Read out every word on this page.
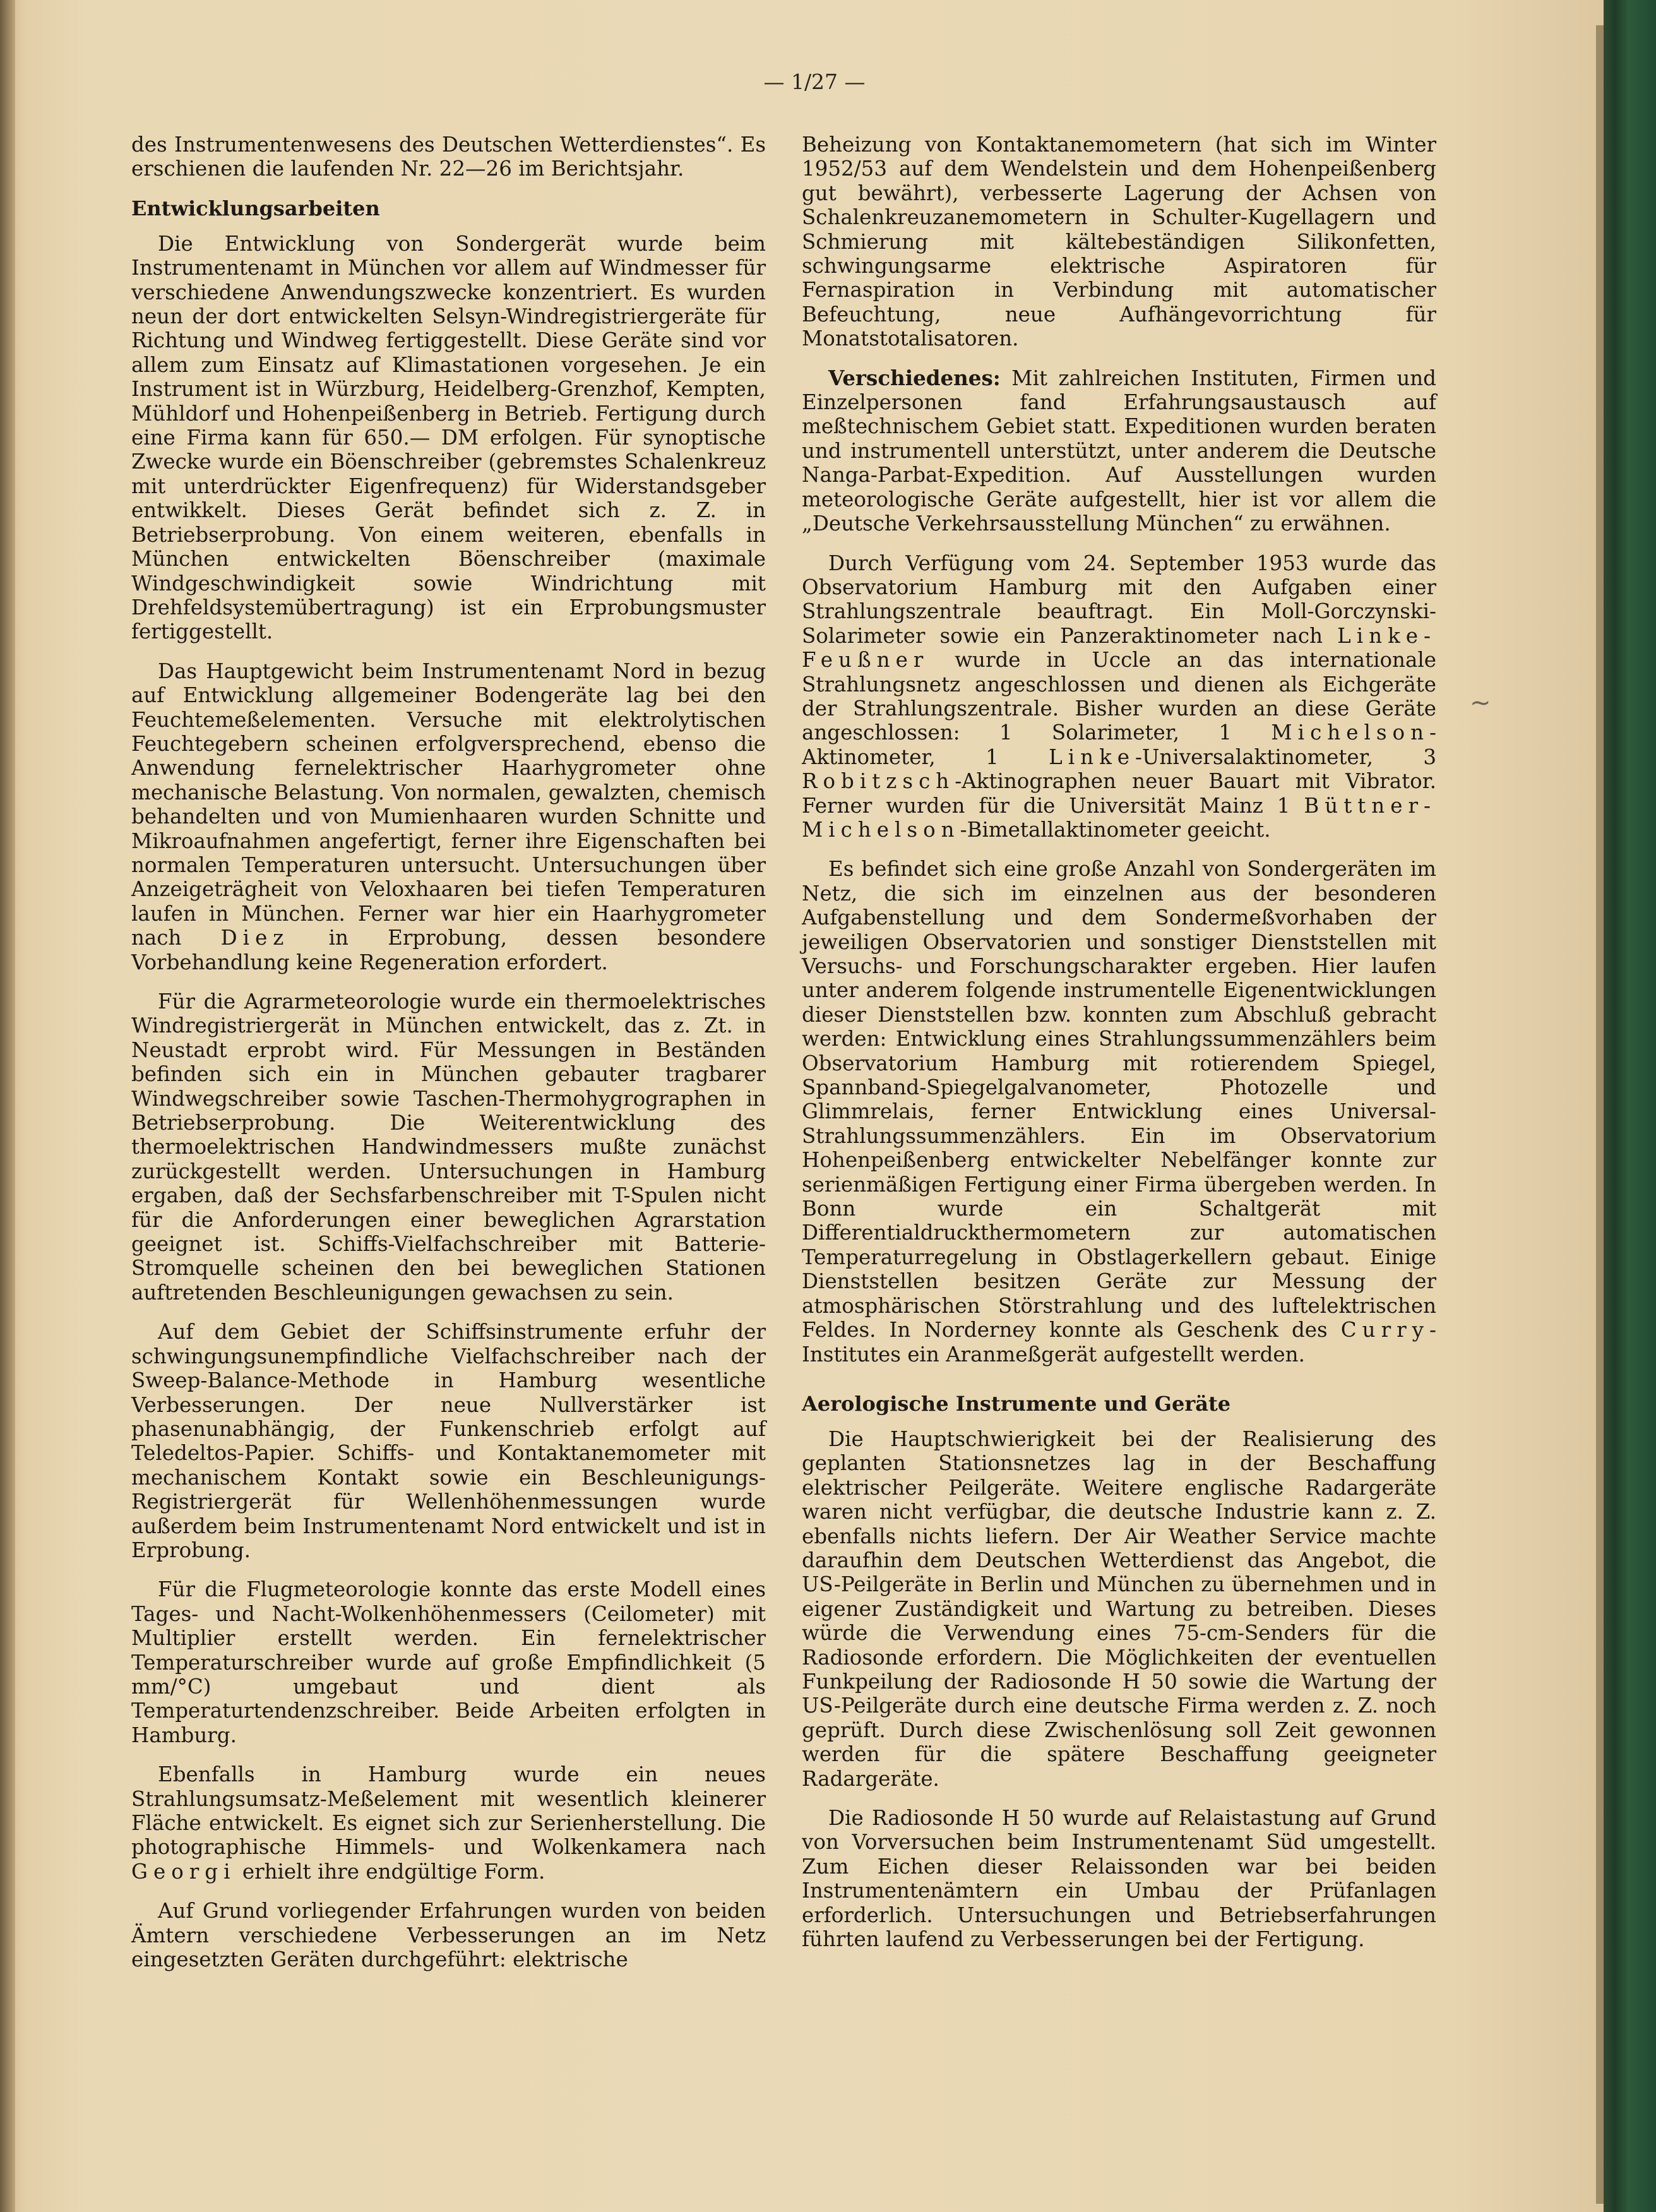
— 1/27 —

des Instrumentenwesens des Deutschen Wetterdienstes“. Es erschienen die laufenden Nr. 22—26 im Berichtsjahr.

Entwicklungsarbeiten

Die Entwicklung von Sondergerät wurde beim Instrumentenamt in München vor allem auf Windmesser für verschiedene Anwendungszwecke konzentriert. Es wurden neun der dort entwickelten Selsyn-Windregistriergeräte für Richtung und Windweg fertiggestellt. Diese Geräte sind vor allem zum Einsatz auf Klimastationen vorgesehen. Je ein Instrument ist in Würzburg, Heidelberg-Grenzhof, Kempten, Mühldorf und Hohenpeißenberg in Betrieb. Fertigung durch eine Firma kann für 650.— DM erfolgen. Für synoptische Zwecke wurde ein Böenschreiber (gebremstes Schalenkreuz mit unterdrückter Eigenfrequenz) für Widerstandsgeber entwikkelt. Dieses Gerät befindet sich z. Z. in Betriebserprobung. Von einem weiteren, ebenfalls in München entwickelten Böenschreiber (maximale Windgeschwindigkeit sowie Windrichtung mit Drehfeldsystemübertragung) ist ein Erprobungsmuster fertiggestellt.

Das Hauptgewicht beim Instrumentenamt Nord in bezug auf Entwicklung allgemeiner Bodengeräte lag bei den Feuchtemeßelementen. Versuche mit elektrolytischen Feuchtegebern scheinen erfolgversprechend, ebenso die Anwendung fernelektrischer Haarhygrometer ohne mechanische Belastung. Von normalen, gewalzten, chemisch behandelten und von Mumienhaaren wurden Schnitte und Mikroaufnahmen angefertigt, ferner ihre Eigenschaften bei normalen Temperaturen untersucht. Untersuchungen über Anzeigeträgheit von Veloxhaaren bei tiefen Temperaturen laufen in München. Ferner war hier ein Haarhygrometer nach Diez in Erprobung, dessen besondere Vorbehandlung keine Regeneration erfordert.

Für die Agrarmeteorologie wurde ein thermoelektrisches Windregistriergerät in München entwickelt, das z. Zt. in Neustadt erprobt wird. Für Messungen in Beständen befinden sich ein in München gebauter tragbarer Windwegschreiber sowie Taschen-Thermohygrographen in Betriebserprobung. Die Weiterentwicklung des thermoelektrischen Handwindmessers mußte zunächst zurückgestellt werden. Untersuchungen in Hamburg ergaben, daß der Sechsfarbenschreiber mit T-Spulen nicht für die Anforderungen einer beweglichen Agrarstation geeignet ist. Schiffs-Vielfachschreiber mit Batterie-Stromquelle scheinen den bei beweglichen Stationen auftretenden Beschleunigungen gewachsen zu sein.

Auf dem Gebiet der Schiffsinstrumente erfuhr der schwingungsunempfindliche Vielfachschreiber nach der Sweep-Balance-Methode in Hamburg wesentliche Verbesserungen. Der neue Nullverstärker ist phasenunabhängig, der Funkenschrieb erfolgt auf Teledeltos-Papier. Schiffs- und Kontaktanemometer mit mechanischem Kontakt sowie ein Beschleunigungs-Registriergerät für Wellenhöhenmessungen wurde außerdem beim Instrumentenamt Nord entwickelt und ist in Erprobung.

Für die Flugmeteorologie konnte das erste Modell eines Tages- und Nacht-Wolkenhöhenmessers (Ceilometer) mit Multiplier erstellt werden. Ein fernelektrischer Temperaturschreiber wurde auf große Empfindlichkeit (5 mm/°C) umgebaut und dient als Temperaturtendenzschreiber. Beide Arbeiten erfolgten in Hamburg.

Ebenfalls in Hamburg wurde ein neues Strahlungsumsatz-Meßelement mit wesentlich kleinerer Fläche entwickelt. Es eignet sich zur Serienherstellung. Die photographische Himmels- und Wolkenkamera nach Georgi erhielt ihre endgültige Form.

Auf Grund vorliegender Erfahrungen wurden von beiden Ämtern verschiedene Verbesserungen an im Netz eingesetzten Geräten durchgeführt: elektrische

Beheizung von Kontaktanemometern (hat sich im Winter 1952/53 auf dem Wendelstein und dem Hohenpeißenberg gut bewährt), verbesserte Lagerung der Achsen von Schalenkreuzanemometern in Schulter-Kugellagern und Schmierung mit kältebeständigen Silikonfetten, schwingungsarme elektrische Aspiratoren für Fernaspiration in Verbindung mit automatischer Befeuchtung, neue Aufhängevorrichtung für Monatstotalisatoren.

Verschiedenes: Mit zahlreichen Instituten, Firmen und Einzelpersonen fand Erfahrungsaustausch auf meßtechnischem Gebiet statt. Expeditionen wurden beraten und instrumentell unterstützt, unter anderem die Deutsche Nanga-Parbat-Expedition. Auf Ausstellungen wurden meteorologische Geräte aufgestellt, hier ist vor allem die „Deutsche Verkehrsausstellung München“ zu erwähnen.

Durch Verfügung vom 24. September 1953 wurde das Observatorium Hamburg mit den Aufgaben einer Strahlungszentrale beauftragt. Ein Moll-Gorczynski-Solarimeter sowie ein Panzeraktinometer nach Linke-Feußner wurde in Uccle an das internationale Strahlungsnetz angeschlossen und dienen als Eichgeräte der Strahlungszentrale. Bisher wurden an diese Geräte angeschlossen: 1 Solarimeter, 1 Michelson-Aktinometer, 1 Linke-Universalaktinometer, 3 Robitzsch-Aktinographen neuer Bauart mit Vibrator. Ferner wurden für die Universität Mainz 1 Büttner-Michelson-Bimetallaktinometer geeicht.

Es befindet sich eine große Anzahl von Sondergeräten im Netz, die sich im einzelnen aus der besonderen Aufgabenstellung und dem Sondermeßvorhaben der jeweiligen Observatorien und sonstiger Dienststellen mit Versuchs- und Forschungscharakter ergeben. Hier laufen unter anderem folgende instrumentelle Eigenentwicklungen dieser Dienststellen bzw. konnten zum Abschluß gebracht werden: Entwicklung eines Strahlungssummenzählers beim Observatorium Hamburg mit rotierendem Spiegel, Spannband-Spiegelgalvanometer, Photozelle und Glimmrelais, ferner Entwicklung eines Universal-Strahlungssummenzählers. Ein im Observatorium Hohenpeißenberg entwickelter Nebelfänger konnte zur serienmäßigen Fertigung einer Firma übergeben werden. In Bonn wurde ein Schaltgerät mit Differentialdruckthermometern zur automatischen Temperaturregelung in Obstlagerkellern gebaut. Einige Dienststellen besitzen Geräte zur Messung der atmosphärischen Störstrahlung und des luftelektrischen Feldes. In Norderney konnte als Geschenk des Curry-Institutes ein Aranmeßgerät aufgestellt werden.

Aerologische Instrumente und Geräte

Die Hauptschwierigkeit bei der Realisierung des geplanten Stationsnetzes lag in der Beschaffung elektrischer Peilgeräte. Weitere englische Radargeräte waren nicht verfügbar, die deutsche Industrie kann z. Z. ebenfalls nichts liefern. Der Air Weather Service machte daraufhin dem Deutschen Wetterdienst das Angebot, die US-Peilgeräte in Berlin und München zu übernehmen und in eigener Zuständigkeit und Wartung zu betreiben. Dieses würde die Verwendung eines 75-cm-Senders für die Radiosonde erfordern. Die Möglichkeiten der eventuellen Funkpeilung der Radiosonde H 50 sowie die Wartung der US-Peilgeräte durch eine deutsche Firma werden z. Z. noch geprüft. Durch diese Zwischenlösung soll Zeit gewonnen werden für die spätere Beschaffung geeigneter Radargeräte.

Die Radiosonde H 50 wurde auf Relaistastung auf Grund von Vorversuchen beim Instrumentenamt Süd umgestellt. Zum Eichen dieser Relaissonden war bei beiden Instrumentenämtern ein Umbau der Prüfanlagen erforderlich. Untersuchungen und Betriebserfahrungen führten laufend zu Verbesserungen bei der Fertigung.

~
